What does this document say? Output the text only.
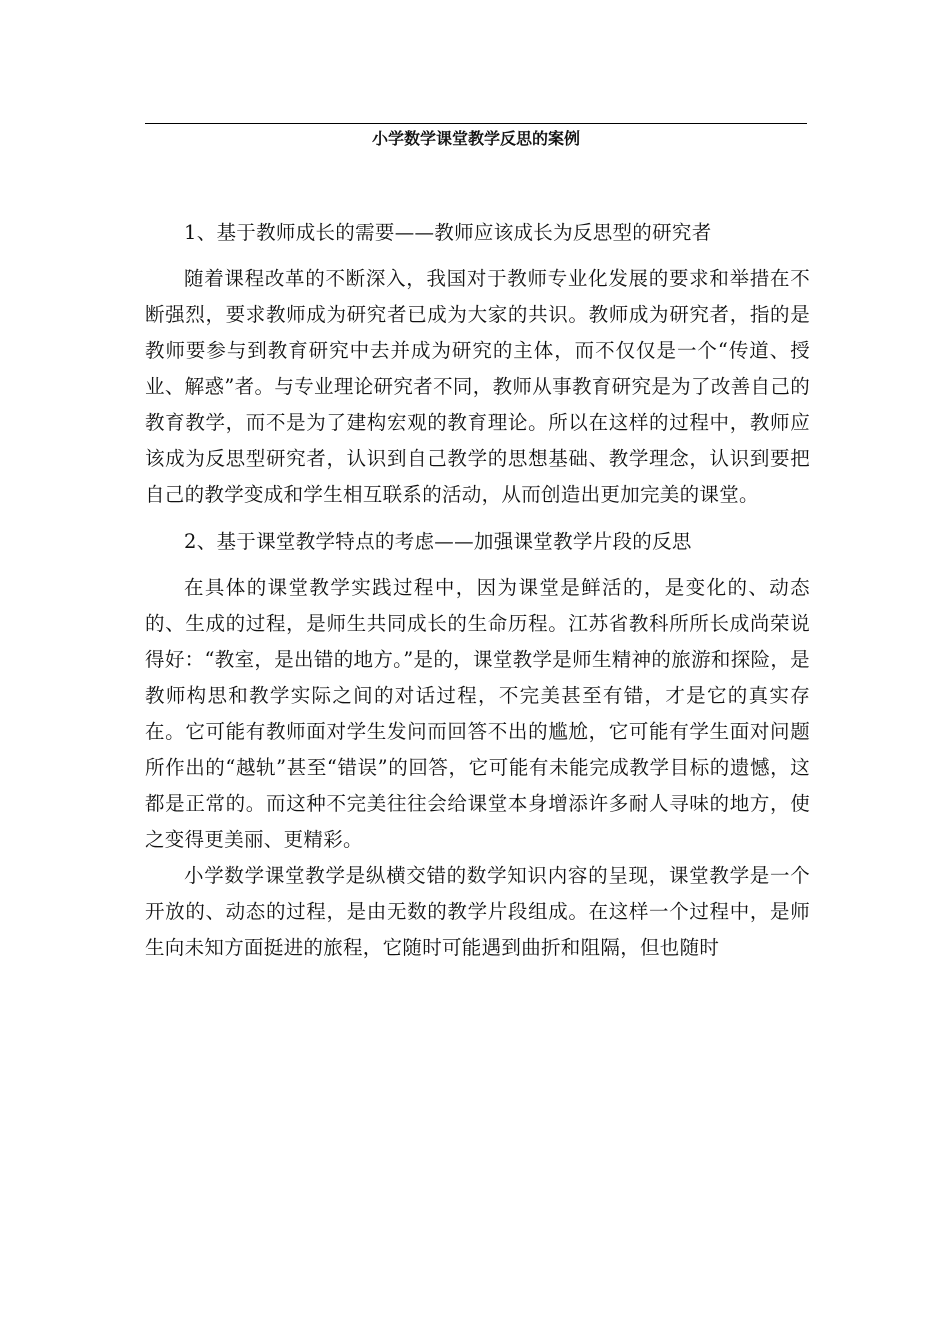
小学数学课堂教学反思的案例

1、基于教师成长的需要——教师应该成长为反思型的研究者

随着课程改革的不断深入，我国对于教师专业化发展的要求和举措在不断强烈，要求教师成为研究者已成为大家的共识。教师成为研究者，指的是教师要参与到教育研究中去并成为研究的主体，而不仅仅是一个“传道、授业、解惑”者。与专业理论研究者不同，教师从事教育研究是为了改善自己的教育教学，而不是为了建构宏观的教育理论。所以在这样的过程中，教师应该成为反思型研究者，认识到自己教学的思想基础、教学理念，认识到要把自己的教学变成和学生相互联系的活动，从而创造出更加完美的课堂。

2、基于课堂教学特点的考虑——加强课堂教学片段的反思

在具体的课堂教学实践过程中，因为课堂是鲜活的，是变化的、动态的、生成的过程，是师生共同成长的生命历程。江苏省教科所所长成尚荣说得好：“教室，是出错的地方。”是的，课堂教学是师生精神的旅游和探险，是教师构思和教学实际之间的对话过程，不完美甚至有错，才是它的真实存在。它可能有教师面对学生发问而回答不出的尴尬，它可能有学生面对问题所作出的“越轨”甚至“错误”的回答，它可能有未能完成教学目标的遗憾，这都是正常的。而这种不完美往往会给课堂本身增添许多耐人寻味的地方，使之变得更美丽、更精彩。

小学数学课堂教学是纵横交错的数学知识内容的呈现，课堂教学是一个开放的、动态的过程，是由无数的教学片段组成。在这样一个过程中，是师生向未知方面挺进的旅程，它随时可能遇到曲折和阻隔，但也随时
